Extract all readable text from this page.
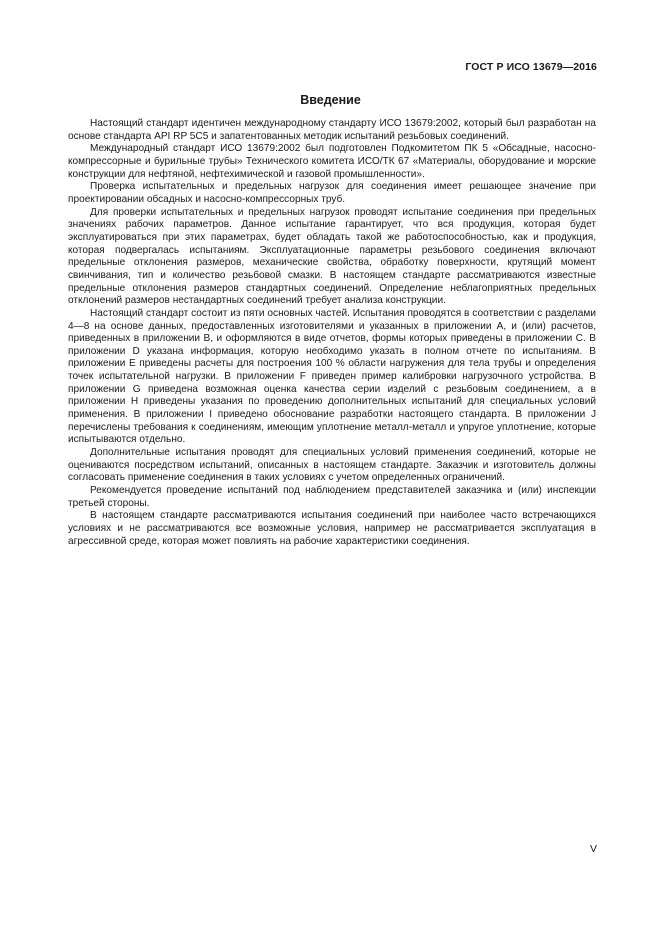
ГОСТ Р ИСО 13679—2016
Введение

Настоящий стандарт идентичен международному стандарту ИСО 13679:2002, который был разработан на основе стандарта API RP 5C5 и запатентованных методик испытаний резьбовых соединений.

Международный стандарт ИСО 13679:2002 был подготовлен Подкомитетом ПК 5 «Обсадные, насосно-компрессорные и бурильные трубы» Технического комитета ИСО/ТК 67 «Материалы, оборудование и морские конструкции для нефтяной, нефтехимической и газовой промышленности».

Проверка испытательных и предельных нагрузок для соединения имеет решающее значение при проектировании обсадных и насосно-компрессорных труб.

Для проверки испытательных и предельных нагрузок проводят испытание соединения при предельных значениях рабочих параметров. Данное испытание гарантирует, что вся продукция, которая будет эксплуатироваться при этих параметрах, будет обладать такой же работоспособностью, как и продукция, которая подвергалась испытаниям. Эксплуатационные параметры резьбового соединения включают предельные отклонения размеров, механические свойства, обработку поверхности, крутящий момент свинчивания, тип и количество резьбовой смазки. В настоящем стандарте рассматриваются известные предельные отклонения размеров стандартных соединений. Определение неблагоприятных предельных отклонений размеров нестандартных соединений требует анализа конструкции.

Настоящий стандарт состоит из пяти основных частей. Испытания проводятся в соответствии с разделами 4—8 на основе данных, предоставленных изготовителями и указанных в приложении A, и (или) расчетов, приведенных в приложении B, и оформляются в виде отчетов, формы которых приведены в приложении C. В приложении D указана информация, которую необходимо указать в полном отчете по испытаниям. В приложении E приведены расчеты для построения 100 % области нагружения для тела трубы и определения точек испытательной нагрузки. В приложении F приведен пример калибровки нагрузочного устройства. В приложении G приведена возможная оценка качества серии изделий с резьбовым соединением, а в приложении H приведены указания по проведению дополнительных испытаний для специальных условий применения. В приложении I приведено обоснование разработки настоящего стандарта. В приложении J перечислены требования к соединениям, имеющим уплотнение металл-металл и упругое уплотнение, которые испытываются отдельно.

Дополнительные испытания проводят для специальных условий применения соединений, которые не оцениваются посредством испытаний, описанных в настоящем стандарте. Заказчик и изготовитель должны согласовать применение соединения в таких условиях с учетом определенных ограничений.

Рекомендуется проведение испытаний под наблюдением представителей заказчика и (или) инспекции третьей стороны.

В настоящем стандарте рассматриваются испытания соединений при наиболее часто встречающихся условиях и не рассматриваются все возможные условия, например не рассматривается эксплуатация в агрессивной среде, которая может повлиять на рабочие характеристики соединения.

V
